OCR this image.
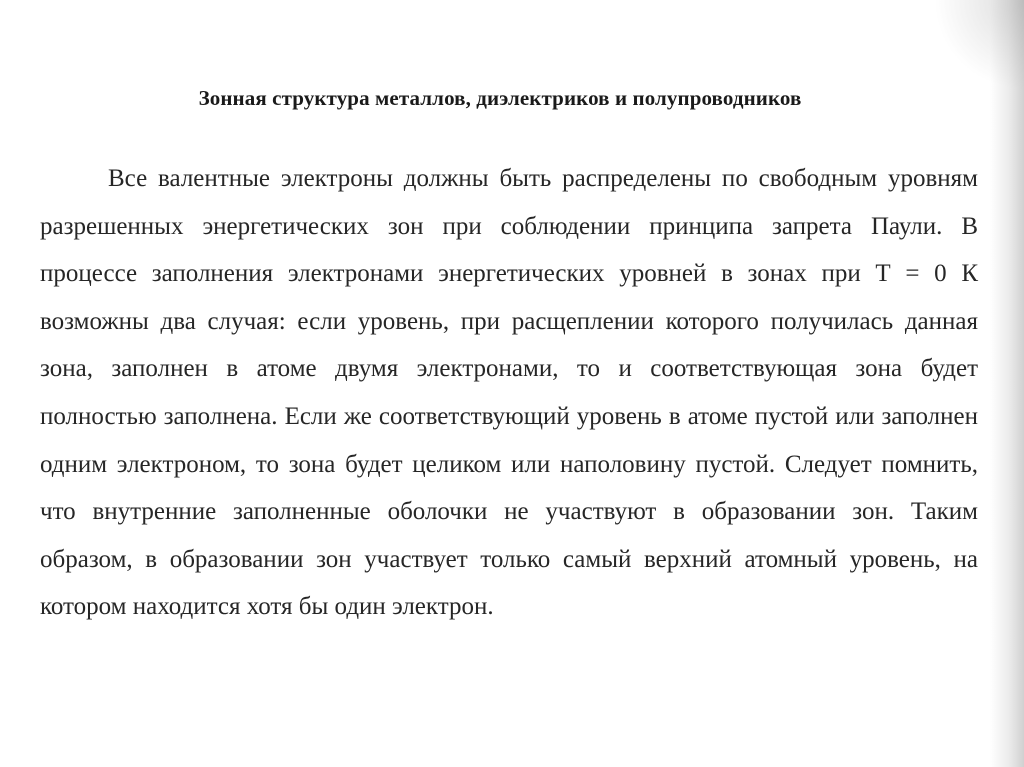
Зонная структура металлов, диэлектриков и полупроводников

Все валентные электроны должны быть распределены по свободным уровням разрешенных энергетических зон при соблюдении принципа запрета Паули. В процессе заполнения электронами энергетических уровней в зонах при Т = 0 К возможны два случая: если уровень, при расщеплении которого получилась данная зона, заполнен в атоме двумя электронами, то и соответствующая зона будет полностью заполнена. Если же соответствующий уровень в атоме пустой или заполнен одним электроном, то зона будет целиком или наполовину пустой. Следует помнить, что внутренние заполненные оболочки не участвуют в образовании зон. Таким образом, в образовании зон участвует только самый верхний атомный уровень, на котором находится хотя бы один электрон.
